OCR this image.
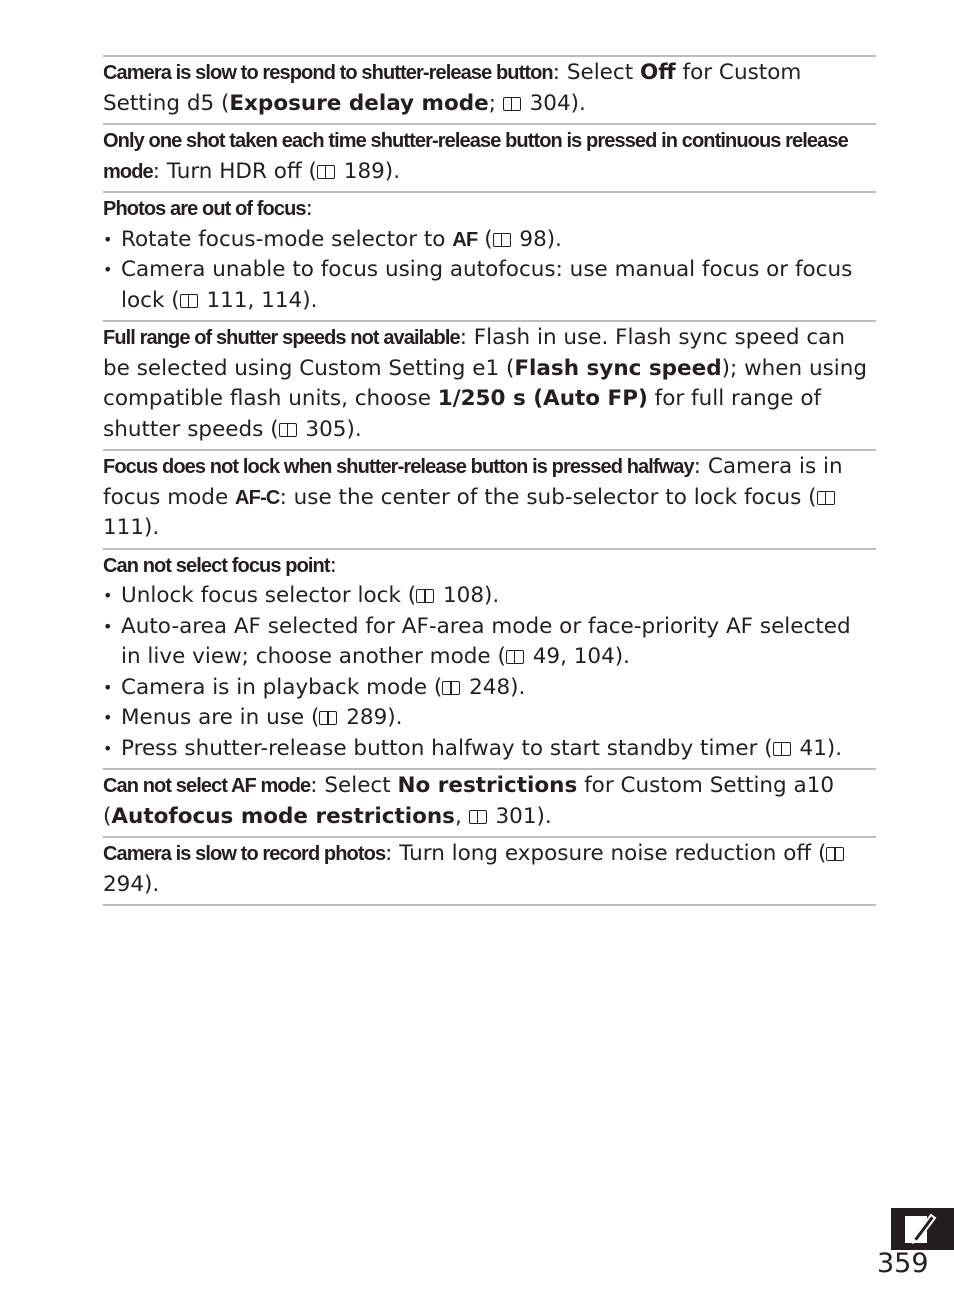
Camera is slow to respond to shutter-release button: Select Off for Custom Setting d5 (Exposure delay mode;  304).
Only one shot taken each time shutter-release button is pressed in continuous release mode: Turn HDR off ( 189).
Photos are out of focus:
• Rotate focus-mode selector to AF ( 98).
• Camera unable to focus using autofocus: use manual focus or focus lock ( 111, 114).
Full range of shutter speeds not available: Flash in use. Flash sync speed can be selected using Custom Setting e1 (Flash sync speed); when using compatible flash units, choose 1/250 s (Auto FP) for full range of shutter speeds ( 305).
Focus does not lock when shutter-release button is pressed halfway: Camera is in focus mode AF-C: use the center of the sub-selector to lock focus ( 111).
Can not select focus point:
• Unlock focus selector lock ( 108).
• Auto-area AF selected for AF-area mode or face-priority AF selected in live view; choose another mode ( 49, 104).
• Camera is in playback mode ( 248).
• Menus are in use ( 289).
• Press shutter-release button halfway to start standby timer ( 41).
Can not select AF mode: Select No restrictions for Custom Setting a10 (Autofocus mode restrictions,  301).
Camera is slow to record photos: Turn long exposure noise reduction off ( 294).
359
